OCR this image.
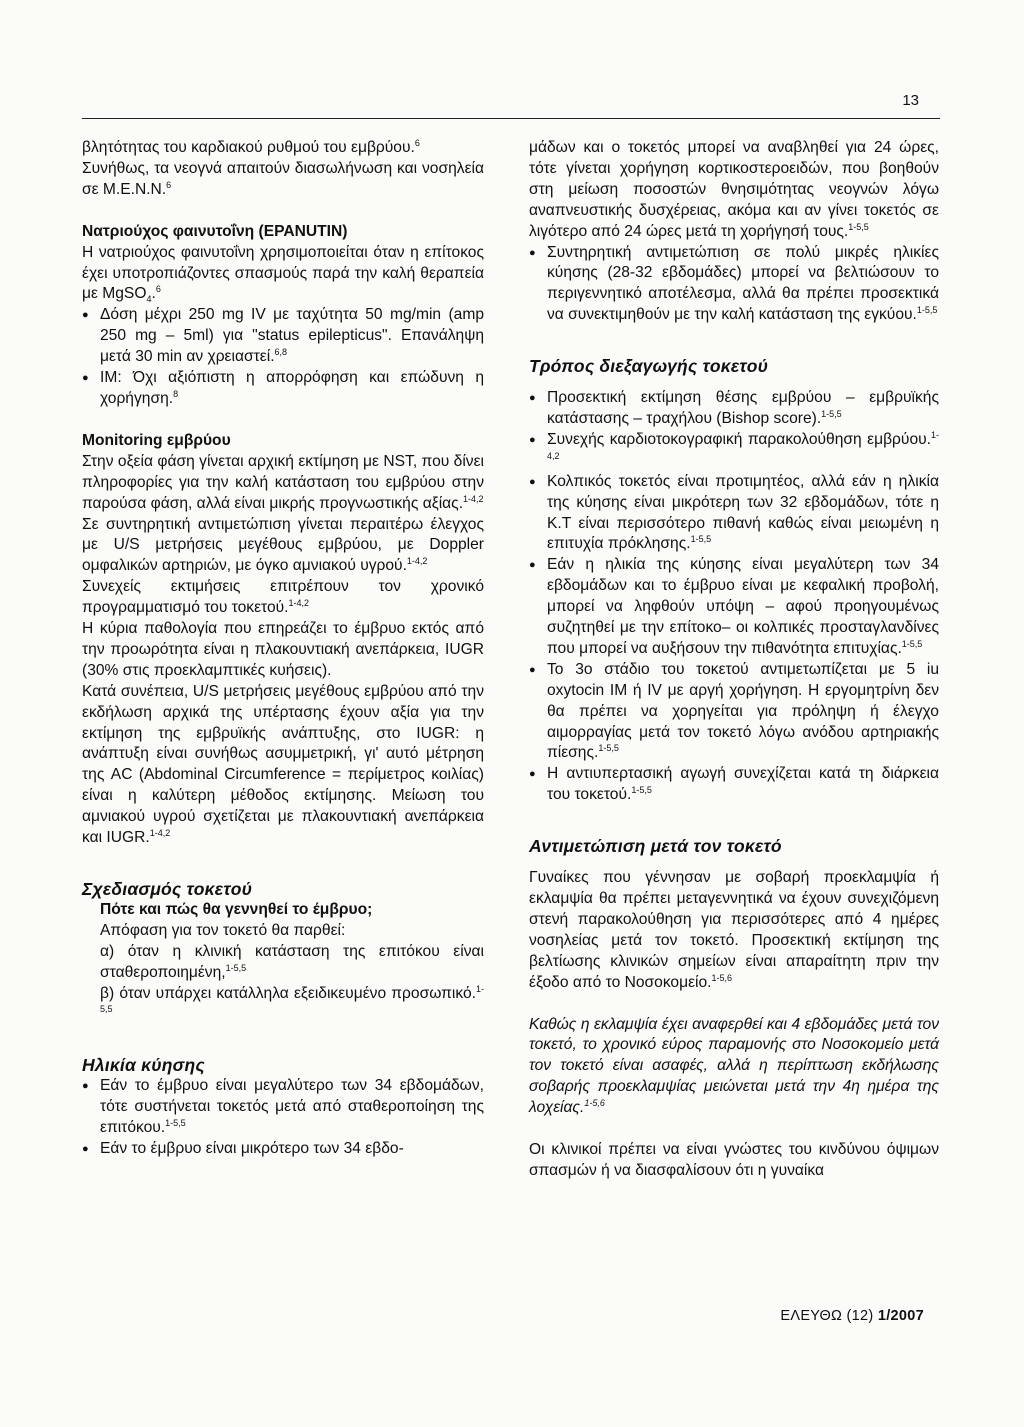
13

βλητότητας του καρδιακού ρυθμού του εμβρύου.$^6$

Συνήθως, τα νεογνά απαιτούν διασωλήνωση και νοσηλεία σε Μ.Ε.Ν.Ν.$^6$

Νατριούχος φαινυτοΐνη (EPANUTIN)

Η νατριούχος φαινυτοΐνη χρησιμοποιείται όταν η επίτοκος έχει υποτροπιάζοντες σπασμούς παρά την καλή θεραπεία με MgSO$_4$.$^6$

● Δόση μέχρι 250 mg IV με ταχύτητα 50 mg/min (amp 250 mg – 5ml) για "status epilepticus". Επανάληψη μετά 30 min αν χρειαστεί.$^{6,8}$

● IM: Όχι αξιόπιστη η απορρόφηση και επώδυνη η χορήγηση.$^8$

Monitoring εμβρύου

Στην οξεία φάση γίνεται αρχική εκτίμηση με NST, που δίνει πληροφορίες για την καλή κατάσταση του εμβρύου στην παρούσα φάση, αλλά είναι μικρής προγνωστικής αξίας.$^{1-4,2}$

Σε συντηρητική αντιμετώπιση γίνεται περαιτέρω έλεγχος με U/S μετρήσεις μεγέθους εμβρύου, με Doppler ομφαλικών αρτηριών, με όγκο αμνιακού υγρού.$^{1-4,2}$

Συνεχείς εκτιμήσεις επιτρέπουν τον χρονικό προγραμματισμό του τοκετού.$^{1-4,2}$

Η κύρια παθολογία που επηρεάζει το έμβρυο εκτός από την προωρότητα είναι η πλακουντιακή ανεπάρκεια, IUGR (30% στις προεκλαμπτικές κυήσεις).

Κατά συνέπεια, U/S μετρήσεις μεγέθους εμβρύου από την εκδήλωση αρχικά της υπέρτασης έχουν αξία για την εκτίμηση της εμβρυϊκής ανάπτυξης, στο IUGR: η ανάπτυξη είναι συνήθως ασυμμετρική, γι' αυτό μέτρηση της AC (Abdominal Circumference = περίμετρος κοιλίας) είναι η καλύτερη μέθοδος εκτίμησης. Μείωση του αμνιακού υγρού σχετίζεται με πλακουντιακή ανεπάρκεια και IUGR.$^{1-4,2}$

Σχεδιασμός τοκετού

Πότε και πώς θα γεννηθεί το έμβρυο;

Απόφαση για τον τοκετό θα παρθεί:

α) όταν η κλινική κατάσταση της επιτόκου είναι σταθεροποιημένη,$^{1-5,5}$

β) όταν υπάρχει κατάλληλα εξειδικευμένο προσωπικό.$^{1-5,5}$

Ηλικία κύησης

● Εάν το έμβρυο είναι μεγαλύτερο των 34 εβδομάδων, τότε συστήνεται τοκετός μετά από σταθεροποίηση της επιτόκου.$^{1-5,5}$

● Εάν το έμβρυο είναι μικρότερο των 34 εβδο-

μάδων και ο τοκετός μπορεί να αναβληθεί για 24 ώρες, τότε γίνεται χορήγηση κορτικοστεροειδών, που βοηθούν στη μείωση ποσοστών θνησιμότητας νεογνών λόγω αναπνευστικής δυσχέρειας, ακόμα και αν γίνει τοκετός σε λιγότερο από 24 ώρες μετά τη χορήγησή τους.$^{1-5,5}$

● Συντηρητική αντιμετώπιση σε πολύ μικρές ηλικίες κύησης (28-32 εβδομάδες) μπορεί να βελτιώσουν το περιγεννητικό αποτέλεσμα, αλλά θα πρέπει προσεκτικά να συνεκτιμηθούν με την καλή κατάσταση της εγκύου.$^{1-5,5}$

Τρόπος διεξαγωγής τοκετού

● Προσεκτική εκτίμηση θέσης εμβρύου – εμβρυϊκής κατάστασης – τραχήλου (Bishop score).$^{1-5,5}$

● Συνεχής καρδιοτοκογραφική παρακολούθηση εμβρύου.$^{1-4,2}$

● Κολπικός τοκετός είναι προτιμητέος, αλλά εάν η ηλικία της κύησης είναι μικρότερη των 32 εβδομάδων, τότε η Κ.Τ είναι περισσότερο πιθανή καθώς είναι μειωμένη η επιτυχία πρόκλησης.$^{1-5,5}$

● Εάν η ηλικία της κύησης είναι μεγαλύτερη των 34 εβδομάδων και το έμβρυο είναι με κεφαλική προβολή, μπορεί να ληφθούν υπόψη – αφού προηγουμένως συζητηθεί με την επίτοκο– οι κολπικές προσταγλανδίνες που μπορεί να αυξήσουν την πιθανότητα επιτυχίας.$^{1-5,5}$

● Το 3ο στάδιο του τοκετού αντιμετωπίζεται με 5 iu oxytocin IM ή IV με αργή χορήγηση. Η εργομητρίνη δεν θα πρέπει να χορηγείται για πρόληψη ή έλεγχο αιμορραγίας μετά τον τοκετό λόγω ανόδου αρτηριακής πίεσης.$^{1-5,5}$

● Η αντιυπερτασική αγωγή συνεχίζεται κατά τη διάρκεια του τοκετού.$^{1-5,5}$

Αντιμετώπιση μετά τον τοκετό

Γυναίκες που γέννησαν με σοβαρή προεκλαμψία ή εκλαμψία θα πρέπει μεταγεννητικά να έχουν συνεχιζόμενη στενή παρακολούθηση για περισσότερες από 4 ημέρες νοσηλείας μετά τον τοκετό. Προσεκτική εκτίμηση της βελτίωσης κλινικών σημείων είναι απαραίτητη πριν την έξοδο από το Νοσοκομείο.$^{1-5,6}$

Καθώς η εκλαμψία έχει αναφερθεί και 4 εβδομάδες μετά τον τοκετό, το χρονικό εύρος παραμονής στο Νοσοκομείο μετά τον τοκετό είναι ασαφές, αλλά η περίπτωση εκδήλωσης σοβαρής προεκλαμψίας μειώνεται μετά την 4η ημέρα της λοχείας.$^{1-5,6}$

Οι κλινικοί πρέπει να είναι γνώστες του κινδύνου όψιμων σπασμών ή να διασφαλίσουν ότι η γυναίκα

ΕΛΕΥΘΩ (12) 1/2007
